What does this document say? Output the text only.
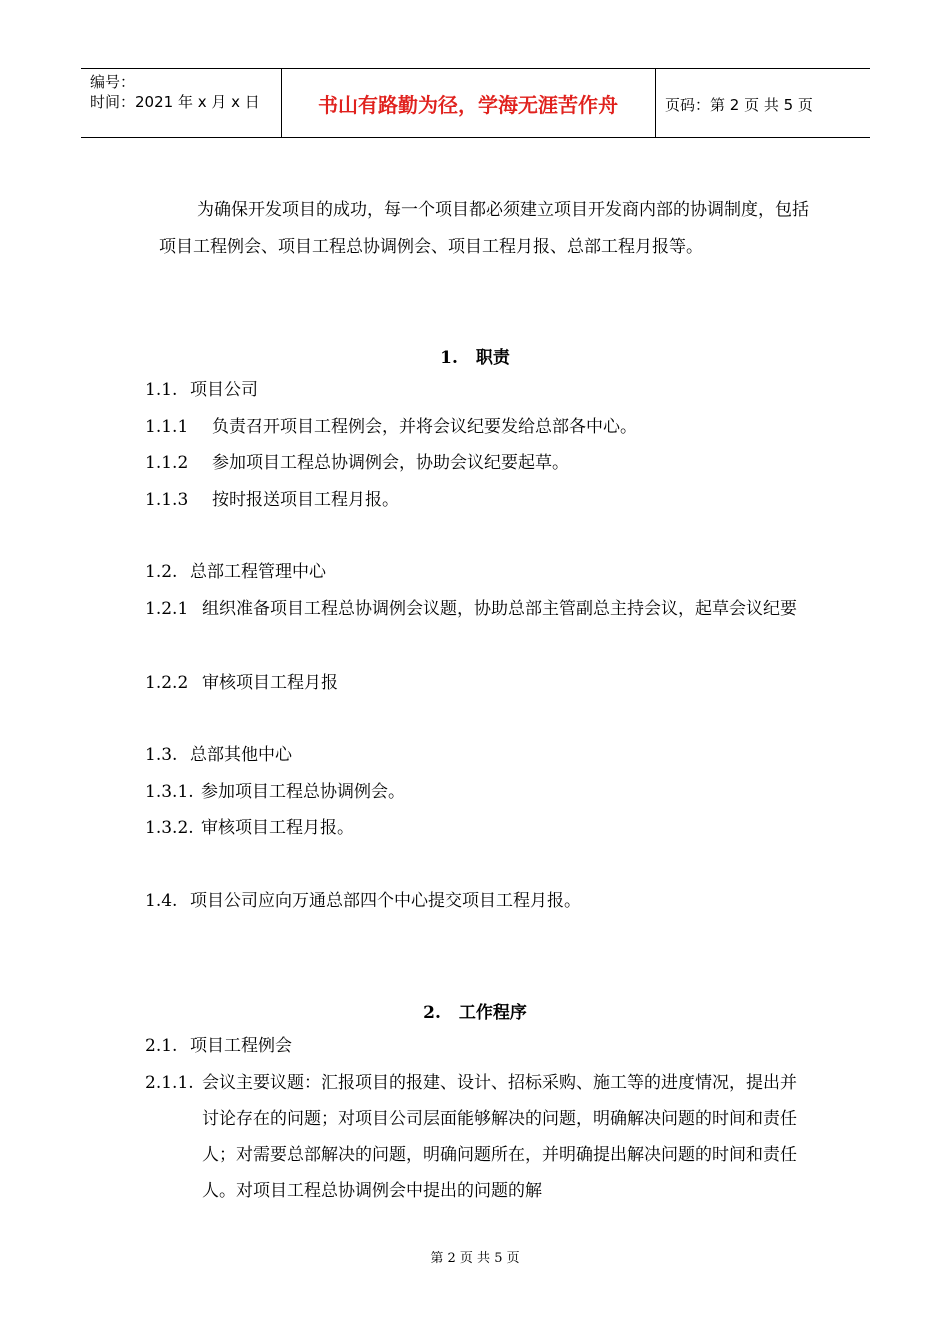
编号：
时间：2021 年 x 月 x 日	书山有路勤为径，学海无涯苦作舟	页码：第 2 页 共 5 页
为确保开发项目的成功，每一个项目都必须建立项目开发商内部的协调制度，包括项目工程例会、项目工程总协调例会、项目工程月报、总部工程月报等。
1. 职责
1.1. 项目公司
1.1.1 负责召开项目工程例会，并将会议纪要发给总部各中心。
1.1.2 参加项目工程总协调例会，协助会议纪要起草。
1.1.3 按时报送项目工程月报。
1.2. 总部工程管理中心
1.2.1 组织准备项目工程总协调例会议题，协助总部主管副总主持会议，起草会议纪要
1.2.2 审核项目工程月报
1.3. 总部其他中心
1.3.1. 参加项目工程总协调例会。
1.3.2. 审核项目工程月报。
1.4. 项目公司应向万通总部四个中心提交项目工程月报。
2. 工作程序
2.1. 项目工程例会
2.1.1. 会议主要议题：汇报项目的报建、设计、招标采购、施工等的进度情况，提出并讨论存在的问题；对项目公司层面能够解决的问题，明确解决问题的时间和责任人；对需要总部解决的问题，明确问题所在，并明确提出解决问题的时间和责任人。对项目工程总协调例会中提出的问题的解
第 2 页 共 5 页
